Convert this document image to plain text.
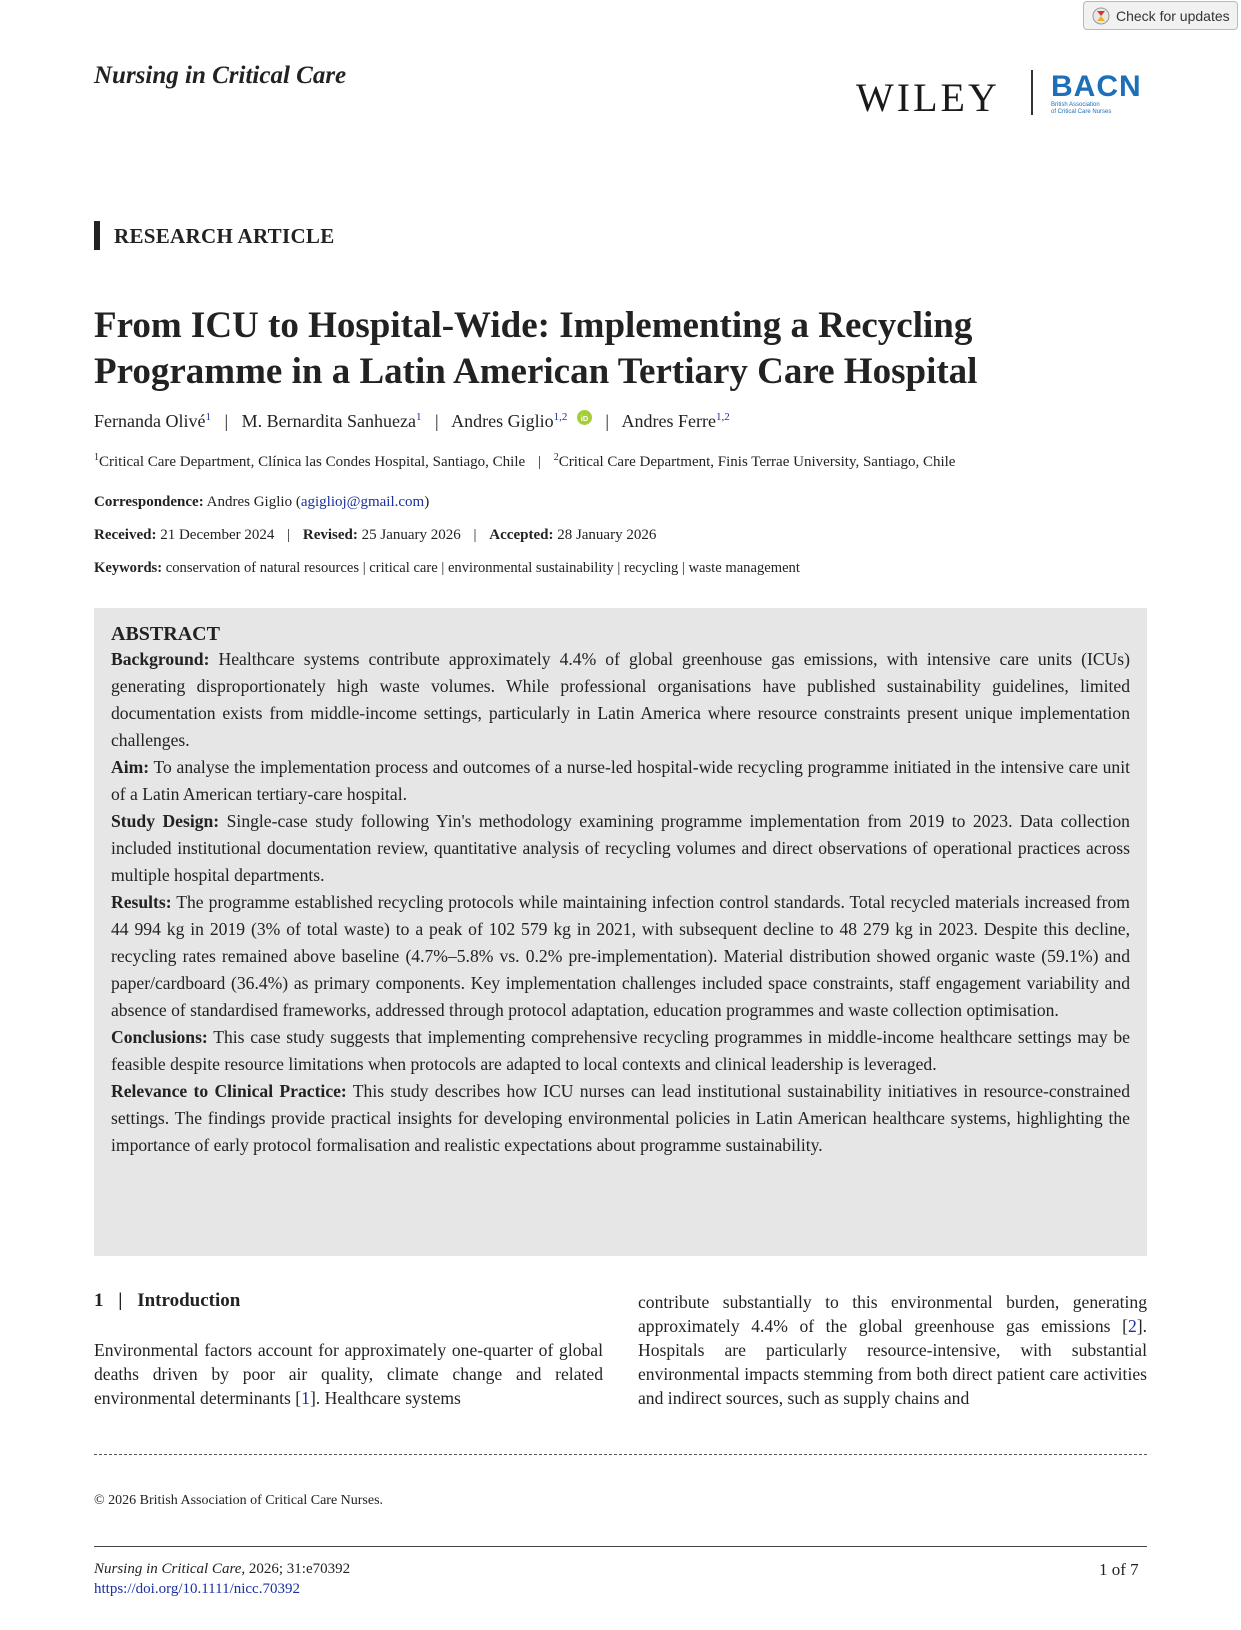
Check for updates
Nursing in Critical Care	WILEY BACN
British Association
of Critical Care Nurses
RESEARCH ARTICLE
From ICU to Hospital-Wide: Implementing a Recycling Programme in a Latin American Tertiary Care Hospital
Fernanda Olivé$^1$ | M. Bernardita Sanhueza$^1$ | Andres Giglio$^{1,2}$ iD | Andres Ferre$^{1,2}$
$^1$Critical Care Department, Clínica las Condes Hospital, Santiago, Chile | $^2$Critical Care Department, Finis Terrae University, Santiago, Chile
Correspondence: Andres Giglio (agiglioj@gmail.com)
Received: 21 December 2024 | Revised: 25 January 2026 | Accepted: 28 January 2026
Keywords: conservation of natural resources | critical care | environmental sustainability | recycling | waste management
ABSTRACT

Background: Healthcare systems contribute approximately 4.4% of global greenhouse gas emissions, with intensive care units (ICUs) generating disproportionately high waste volumes. While professional organisations have published sustainability guidelines, limited documentation exists from middle-income settings, particularly in Latin America where resource constraints present unique implementation challenges.

Aim: To analyse the implementation process and outcomes of a nurse-led hospital-wide recycling programme initiated in the intensive care unit of a Latin American tertiary-care hospital.

Study Design: Single-case study following Yin's methodology examining programme implementation from 2019 to 2023. Data collection included institutional documentation review, quantitative analysis of recycling volumes and direct observations of operational practices across multiple hospital departments.

Results: The programme established recycling protocols while maintaining infection control standards. Total recycled materials increased from 44 994 kg in 2019 (3% of total waste) to a peak of 102 579 kg in 2021, with subsequent decline to 48 279 kg in 2023. Despite this decline, recycling rates remained above baseline (4.7%–5.8% vs. 0.2% pre-implementation). Material distribution showed organic waste (59.1%) and paper/cardboard (36.4%) as primary components. Key implementation challenges included space constraints, staff engagement variability and absence of standardised frameworks, addressed through protocol adaptation, education programmes and waste collection optimisation.

Conclusions: This case study suggests that implementing comprehensive recycling programmes in middle-income healthcare settings may be feasible despite resource limitations when protocols are adapted to local contexts and clinical leadership is leveraged.

Relevance to Clinical Practice: This study describes how ICU nurses can lead institutional sustainability initiatives in resource-constrained settings. The findings provide practical insights for developing environmental policies in Latin American healthcare systems, highlighting the importance of early protocol formalisation and realistic expectations about programme sustainability.

1 | Introduction
Environmental factors account for approximately one-quarter of global deaths driven by poor air quality, climate change and related environmental determinants [1]. Healthcare systems
contribute substantially to this environmental burden, generating approximately 4.4% of the global greenhouse gas emissions [2]. Hospitals are particularly resource-intensive, with substantial environmental impacts stemming from both direct patient care activities and indirect sources, such as supply chains and
© 2026 British Association of Critical Care Nurses.
Nursing in Critical Care, 2026; 31:e70392
https://doi.org/10.1111/nicc.70392
1 of 7
